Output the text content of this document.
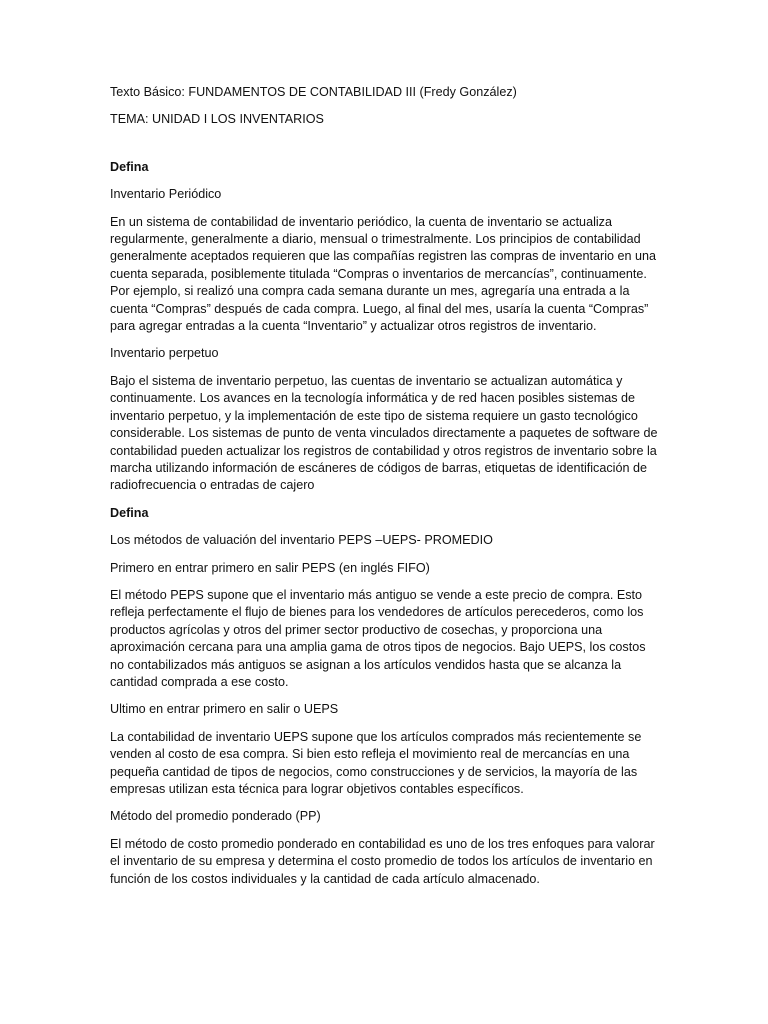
Texto Básico: FUNDAMENTOS DE CONTABILIDAD III (Fredy González)

TEMA: UNIDAD I LOS INVENTARIOS

Defina

Inventario Periódico

En un sistema de contabilidad de inventario periódico, la cuenta de inventario se actualiza regularmente, generalmente a diario, mensual o trimestralmente. Los principios de contabilidad generalmente aceptados requieren que las compañías registren las compras de inventario en una cuenta separada, posiblemente titulada “Compras o inventarios de mercancías”, continuamente. Por ejemplo, si realizó una compra cada semana durante un mes, agregaría una entrada a la cuenta “Compras” después de cada compra. Luego, al final del mes, usaría la cuenta “Compras” para agregar entradas a la cuenta “Inventario” y actualizar otros registros de inventario.

Inventario perpetuo

Bajo el sistema de inventario perpetuo, las cuentas de inventario se actualizan automática y continuamente. Los avances en la tecnología informática y de red hacen posibles sistemas de inventario perpetuo, y la implementación de este tipo de sistema requiere un gasto tecnológico considerable. Los sistemas de punto de venta vinculados directamente a paquetes de software de contabilidad pueden actualizar los registros de contabilidad y otros registros de inventario sobre la marcha utilizando información de escáneres de códigos de barras, etiquetas de identificación de radiofrecuencia o entradas de cajero

Defina

Los métodos de valuación del inventario PEPS –UEPS- PROMEDIO

Primero en entrar primero en salir PEPS (en inglés FIFO)

El método PEPS supone que el inventario más antiguo se vende a este precio de compra. Esto refleja perfectamente el flujo de bienes para los vendedores de artículos perecederos, como los productos agrícolas y otros del primer sector productivo de cosechas, y proporciona una aproximación cercana para una amplia gama de otros tipos de negocios. Bajo UEPS, los costos no contabilizados más antiguos se asignan a los artículos vendidos hasta que se alcanza la cantidad comprada a ese costo.

Ultimo en entrar primero en salir o UEPS

La contabilidad de inventario UEPS supone que los artículos comprados más recientemente se venden al costo de esa compra. Si bien esto refleja el movimiento real de mercancías en una pequeña cantidad de tipos de negocios, como construcciones y de servicios, la mayoría de las empresas utilizan esta técnica para lograr objetivos contables específicos.

Método del promedio ponderado (PP)

El método de costo promedio ponderado en contabilidad es uno de los tres enfoques para valorar el inventario de su empresa y determina el costo promedio de todos los artículos de inventario en función de los costos individuales y la cantidad de cada artículo almacenado.
